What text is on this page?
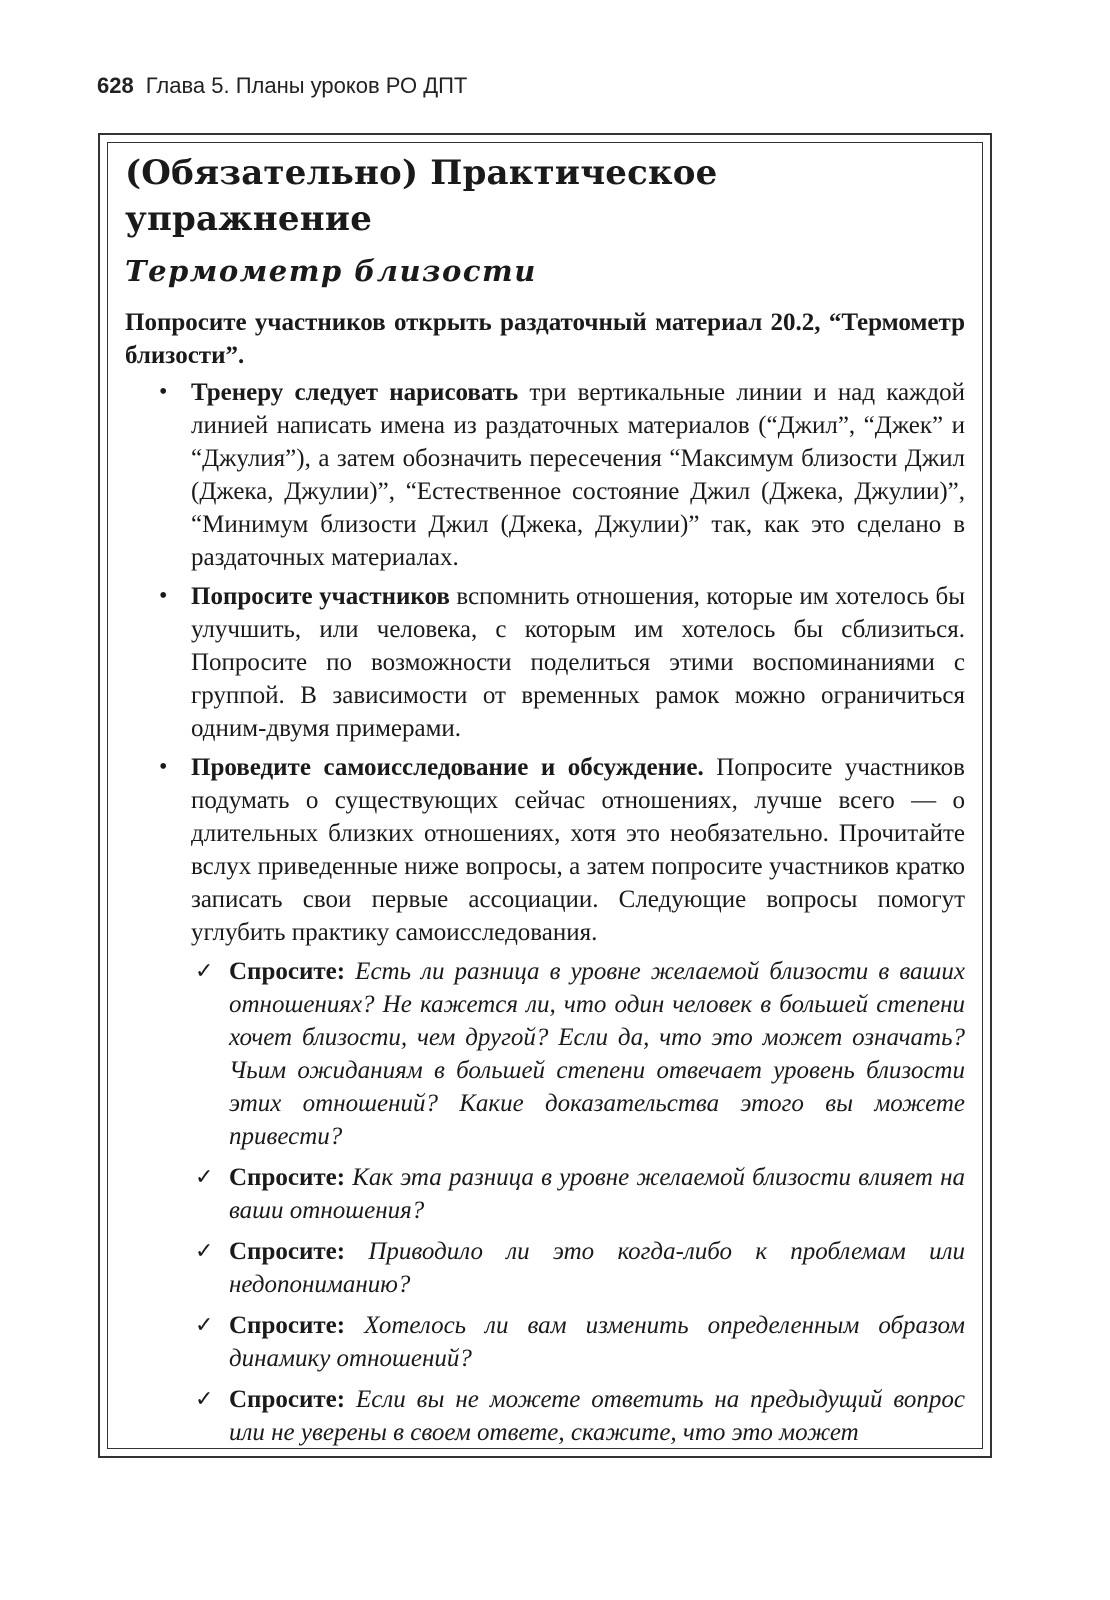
628 Глава 5. Планы уроков РО ДПТ
(Обязательно) Практическое упражнение
Термометр близости

Попросите участников открыть раздаточный материал 20.2, “Термометр близости”.

• Тренеру следует нарисовать три вертикальные линии и над каждой линией написать имена из раздаточных материалов (“Джил”, “Джек” и “Джулия”), а затем обозначить пересечения “Максимум близости Джил (Джека, Джулии)”, “Естественное состояние Джил (Джека, Джулии)”, “Минимум близости Джил (Джека, Джулии)” так, как это сделано в раздаточных материалах.
• Попросите участников вспомнить отношения, которые им хотелось бы улучшить, или человека, с которым им хотелось бы сблизиться. Попросите по возможности поделиться этими воспоминаниями с группой. В зависимости от временных рамок можно ограничиться одним-двумя примерами.
• Проведите самоисследование и обсуждение. Попросите участников подумать о существующих сейчас отношениях, лучше всего — о длительных близких отношениях, хотя это необязательно. Прочитайте вслух приведенные ниже вопросы, а затем попросите участников кратко записать свои первые ассоциации. Следующие вопросы помогут углубить практику самоисследования.
✓ Спросите: Есть ли разница в уровне желаемой близости в ваших отношениях? Не кажется ли, что один человек в большей степени хочет близости, чем другой? Если да, что это может означать? Чьим ожиданиям в большей степени отвечает уровень близости этих отношений? Какие доказательства этого вы можете привести?
✓ Спросите: Как эта разница в уровне желаемой близости влияет на ваши отношения?
✓ Спросите: Приводило ли это когда-либо к проблемам или недопониманию?
✓ Спросите: Хотелось ли вам изменить определенным образом динамику отношений?
✓ Спросите: Если вы не можете ответить на предыдущий вопрос или не уверены в своем ответе, скажите, что это может
